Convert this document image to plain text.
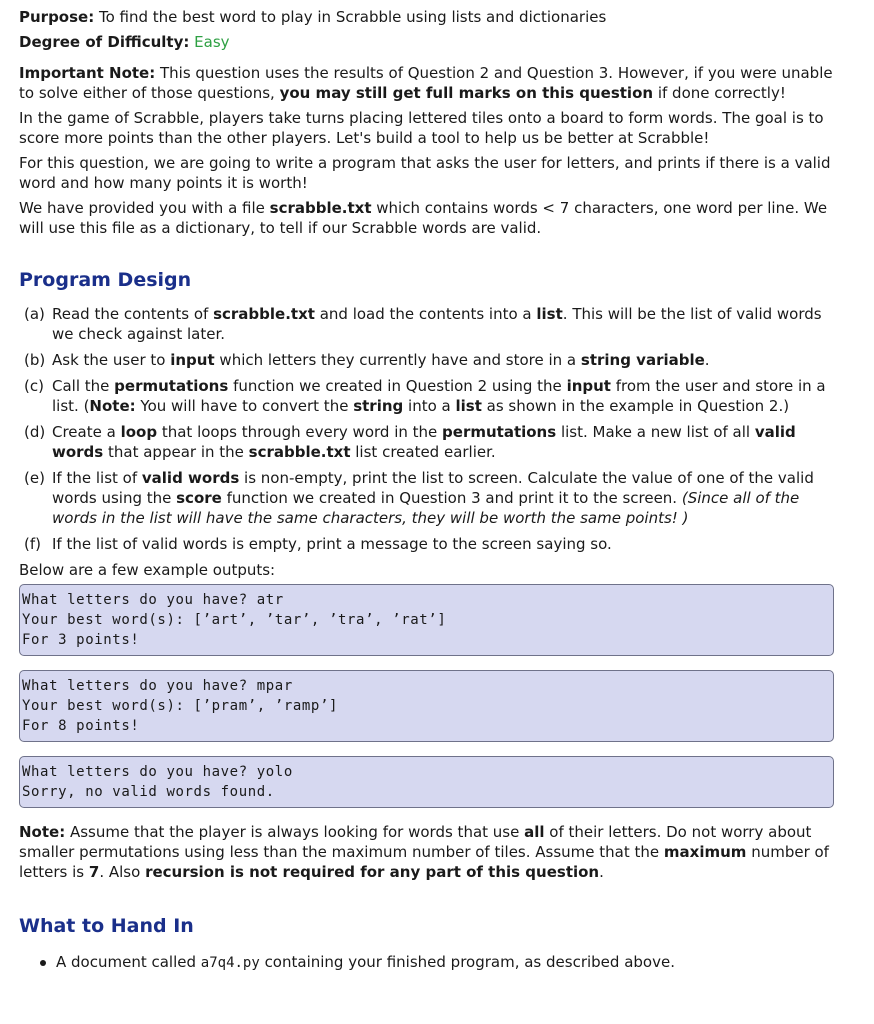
Purpose: To find the best word to play in Scrabble using lists and dictionaries

Degree of Difficulty: Easy

Important Note: This question uses the results of Question 2 and Question 3. However, if you were unable to solve either of those questions, you may still get full marks on this question if done correctly!

In the game of Scrabble, players take turns placing lettered tiles onto a board to form words. The goal is to score more points than the other players. Let's build a tool to help us be better at Scrabble!

For this question, we are going to write a program that asks the user for letters, and prints if there is a valid word and how many points it is worth!

We have provided you with a file scrabble.txt which contains words < 7 characters, one word per line. We will use this file as a dictionary, to tell if our Scrabble words are valid.

Program Design
(a) Read the contents of scrabble.txt and load the contents into a list. This will be the list of valid words we check against later.
(b) Ask the user to input which letters they currently have and store in a string variable.
(c) Call the permutations function we created in Question 2 using the input from the user and store in a list. (Note: You will have to convert the string into a list as shown in the example in Question 2.)
(d) Create a loop that loops through every word in the permutations list. Make a new list of all valid words that appear in the scrabble.txt list created earlier.
(e) If the list of valid words is non-empty, print the list to screen. Calculate the value of one of the valid words using the score function we created in Question 3 and print it to the screen. (Since all of the words in the list will have the same characters, they will be worth the same points! )
(f) If the list of valid words is empty, print a message to the screen saying so.

Below are a few example outputs:

What letters do you have? atr
Your best word(s): [’art’, ’tar’, ’tra’, ’rat’]
For 3 points!
What letters do you have? mpar
Your best word(s): [’pram’, ’ramp’]
For 8 points!
What letters do you have? yolo
Sorry, no valid words found.

Note: Assume that the player is always looking for words that use all of their letters. Do not worry about smaller permutations using less than the maximum number of tiles. Assume that the maximum number of letters is 7. Also recursion is not required for any part of this question.

What to Hand In
A document called a7q4.py containing your finished program, as described above.
